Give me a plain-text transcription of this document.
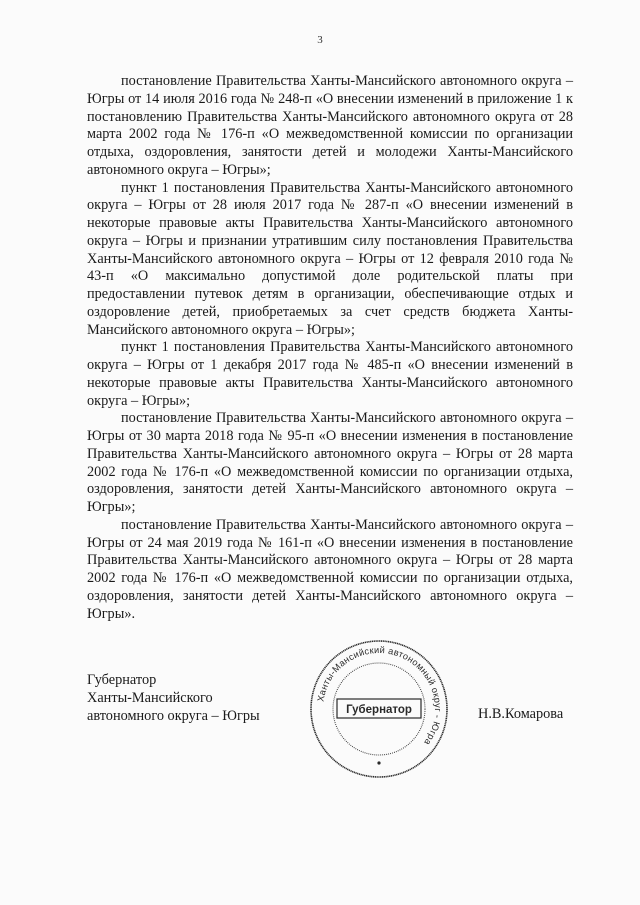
3

постановление Правительства Ханты-Мансийского автономного округа – Югры от 14 июля 2016 года № 248-п «О внесении изменений в приложение 1 к постановлению Правительства Ханты-Мансийского автономного округа от 28 марта 2002 года № 176-п «О межведомственной комиссии по организации отдыха, оздоровления, занятости детей и молодежи Ханты-Мансийского автономного округа – Югры»;

пункт 1 постановления Правительства Ханты-Мансийского автономного округа – Югры от 28 июля 2017 года № 287-п «О внесении изменений в некоторые правовые акты Правительства Ханты-Мансийского автономного округа – Югры и признании утратившим силу постановления Правительства Ханты-Мансийского автономного округа – Югры от 12 февраля 2010 года № 43-п «О максимально допустимой доле родительской платы при предоставлении путевок детям в организации, обеспечивающие отдых и оздоровление детей, приобретаемых за счет средств бюджета Ханты-Мансийского автономного округа – Югры»;

пункт 1 постановления Правительства Ханты-Мансийского автономного округа – Югры от 1 декабря 2017 года № 485-п «О внесении изменений в некоторые правовые акты Правительства Ханты-Мансийского автономного округа – Югры»;

постановление Правительства Ханты-Мансийского автономного округа – Югры от 30 марта 2018 года № 95-п «О внесении изменения в постановление Правительства Ханты-Мансийского автономного округа – Югры от 28 марта 2002 года № 176-п «О межведомственной комиссии по организации отдыха, оздоровления, занятости детей Ханты-Мансийского автономного округа – Югры»;

постановление Правительства Ханты-Мансийского автономного округа – Югры от 24 мая 2019 года № 161-п «О внесении изменения в постановление Правительства Ханты-Мансийского автономного округа – Югры от 28 марта 2002 года № 176-п «О межведомственной комиссии по организации отдыха, оздоровления, занятости детей Ханты-Мансийского автономного округа – Югры».

Губернатор
Ханты-Мансийского
автономного округа – Югры
Ханты-Мансийский автономный округ - Югра
Губернатор	Н.В.Комарова
